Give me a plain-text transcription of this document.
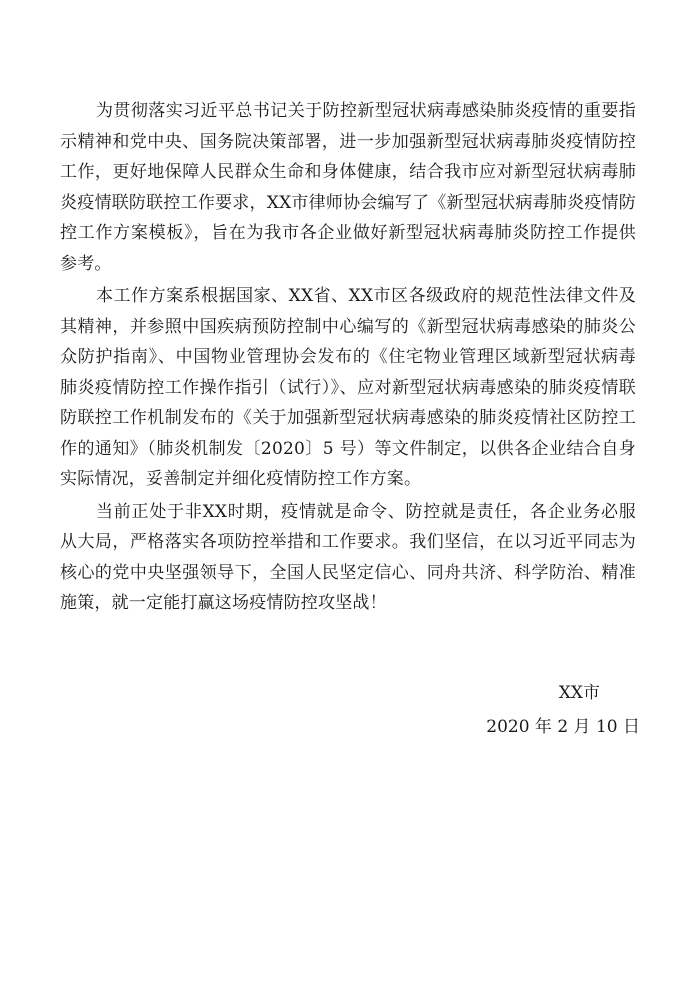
为贯彻落实习近平总书记关于防控新型冠状病毒感染肺炎疫情的重要指示精神和党中央、国务院决策部署，进一步加强新型冠状病毒肺炎疫情防控工作，更好地保障人民群众生命和身体健康，结合我市应对新型冠状病毒肺炎疫情联防联控工作要求，XX市律师协会编写了《新型冠状病毒肺炎疫情防控工作方案模板》，旨在为我市各企业做好新型冠状病毒肺炎防控工作提供参考。

本工作方案系根据国家、XX省、XX市区各级政府的规范性法律文件及其精神，并参照中国疾病预防控制中心编写的《新型冠状病毒感染的肺炎公众防护指南》、中国物业管理协会发布的《住宅物业管理区域新型冠状病毒肺炎疫情防控工作操作指引（试行）》、应对新型冠状病毒感染的肺炎疫情联防联控工作机制发布的《关于加强新型冠状病毒感染的肺炎疫情社区防控工作的通知》（肺炎机制发〔2020〕5 号）等文件制定，以供各企业结合自身实际情况，妥善制定并细化疫情防控工作方案。

当前正处于非XX时期，疫情就是命令、防控就是责任，各企业务必服从大局，严格落实各项防控举措和工作要求。我们坚信，在以习近平同志为核心的党中央坚强领导下，全国人民坚定信心、同舟共济、科学防治、精准施策，就一定能打赢这场疫情防控攻坚战！

XX市
2020 年 2 月 10 日
